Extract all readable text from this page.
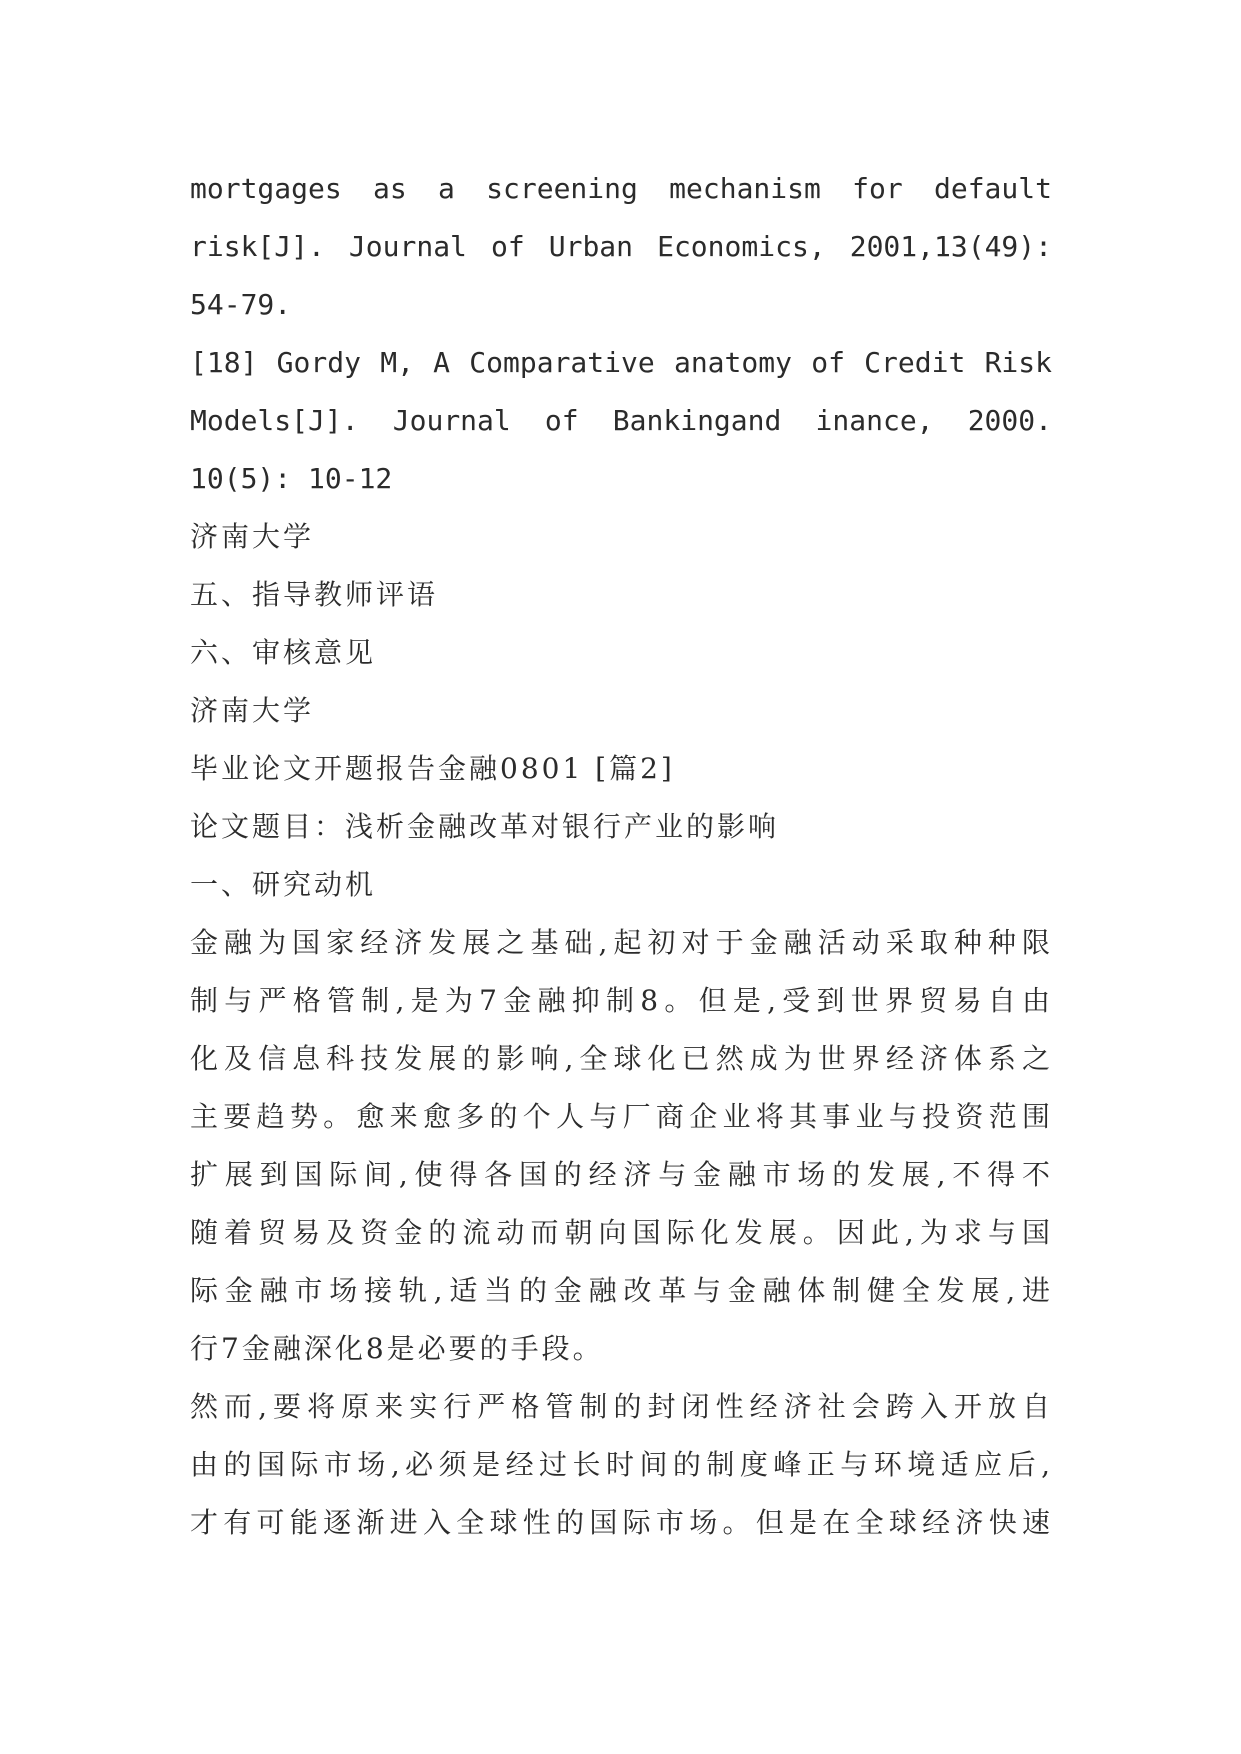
mortgages as a screening mechanism for default
risk[J]. Journal of Urban Economics, 2001,13(49):
54-79.
[18] Gordy M, A Comparative anatomy of Credit Risk
Models[J]. Journal of Bankingand inance, 2000.
10(5): 10-12
济南大学
五、指导教师评语
六、审核意见
济南大学
毕业论文开题报告金融0801 [篇2]
论文题目：浅析金融改革对银行产业的影响
一、研究动机
金融为国家经济发展之基础,起初对于金融活动采取种种限
制与严格管制,是为7金融抑制8。但是,受到世界贸易自由
化及信息科技发展的影响,全球化已然成为世界经济体系之
主要趋势。愈来愈多的个人与厂商企业将其事业与投资范围
扩展到国际间,使得各国的经济与金融市场的发展,不得不
随着贸易及资金的流动而朝向国际化发展。因此,为求与国
际金融市场接轨,适当的金融改革与金融体制健全发展,进
行7金融深化8是必要的手段。
然而,要将原来实行严格管制的封闭性经济社会跨入开放自
由的国际市场,必须是经过长时间的制度峰正与环境适应后,
才有可能逐渐进入全球性的国际市场。但是在全球经济快速
